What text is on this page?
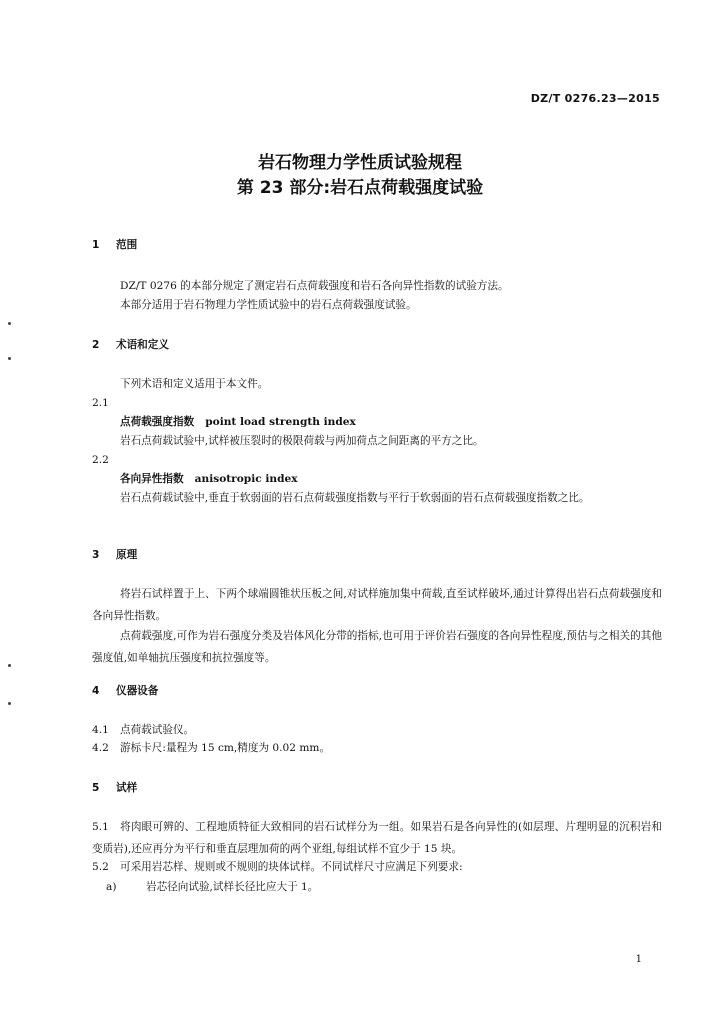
DZ/T 0276.23—2015
岩石物理力学性质试验规程
第 23 部分:岩石点荷载强度试验
1 范围
DZ/T 0276 的本部分规定了测定岩石点荷载强度和岩石各向异性指数的试验方法。
本部分适用于岩石物理力学性质试验中的岩石点荷载强度试验。
2 术语和定义
下列术语和定义适用于本文件。
2.1
点荷载强度指数 point load strength index
岩石点荷载试验中,试样被压裂时的极限荷载与两加荷点之间距离的平方之比。
2.2
各向异性指数 anisotropic index
岩石点荷载试验中,垂直于软弱面的岩石点荷载强度指数与平行于软弱面的岩石点荷载强度指数之比。
3 原理
将岩石试样置于上、下两个球端圆锥状压板之间,对试样施加集中荷载,直至试样破坏,通过计算得出岩石点荷载强度和各向异性指数。
点荷载强度,可作为岩石强度分类及岩体风化分带的指标,也可用于评价岩石强度的各向异性程度,预估与之相关的其他强度值,如单轴抗压强度和抗拉强度等。
4 仪器设备
4.1 点荷载试验仪。
4.2 游标卡尺:量程为 15 cm,精度为 0.02 mm。
5 试样
5.1 将肉眼可辨的、工程地质特征大致相同的岩石试样分为一组。如果岩石是各向异性的(如层理、片理明显的沉积岩和变质岩),还应再分为平行和垂直层理加荷的两个亚组,每组试样不宜少于 15 块。
5.2 可采用岩芯样、规则或不规则的块体试样。不同试样尺寸应满足下列要求:
a)	岩芯径向试验,试样长径比应大于 1。
1
